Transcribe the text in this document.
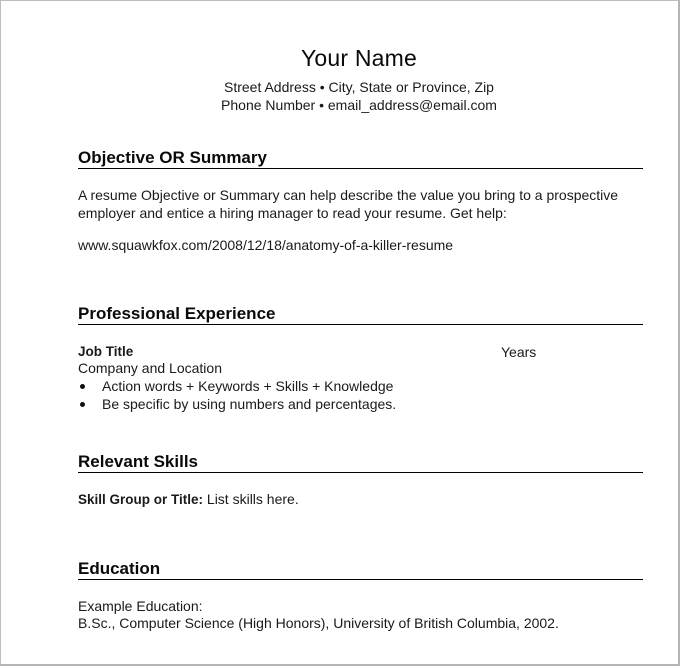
Your Name
Street Address • City, State or Province, Zip
Phone Number • email_address@email.com
Objective OR Summary
A resume Objective or Summary can help describe the value you bring to a prospective
employer and entice a hiring manager to read your resume. Get help:
www.squawkfox.com/2008/12/18/anatomy-of-a-killer-resume
Professional Experience
Job Title	Years
Company and Location
Action words + Keywords + Skills + Knowledge
Be specific by using numbers and percentages.
Relevant Skills
Skill Group or Title: List skills here.
Education
Example Education:
B.Sc., Computer Science (High Honors), University of British Columbia, 2002.
